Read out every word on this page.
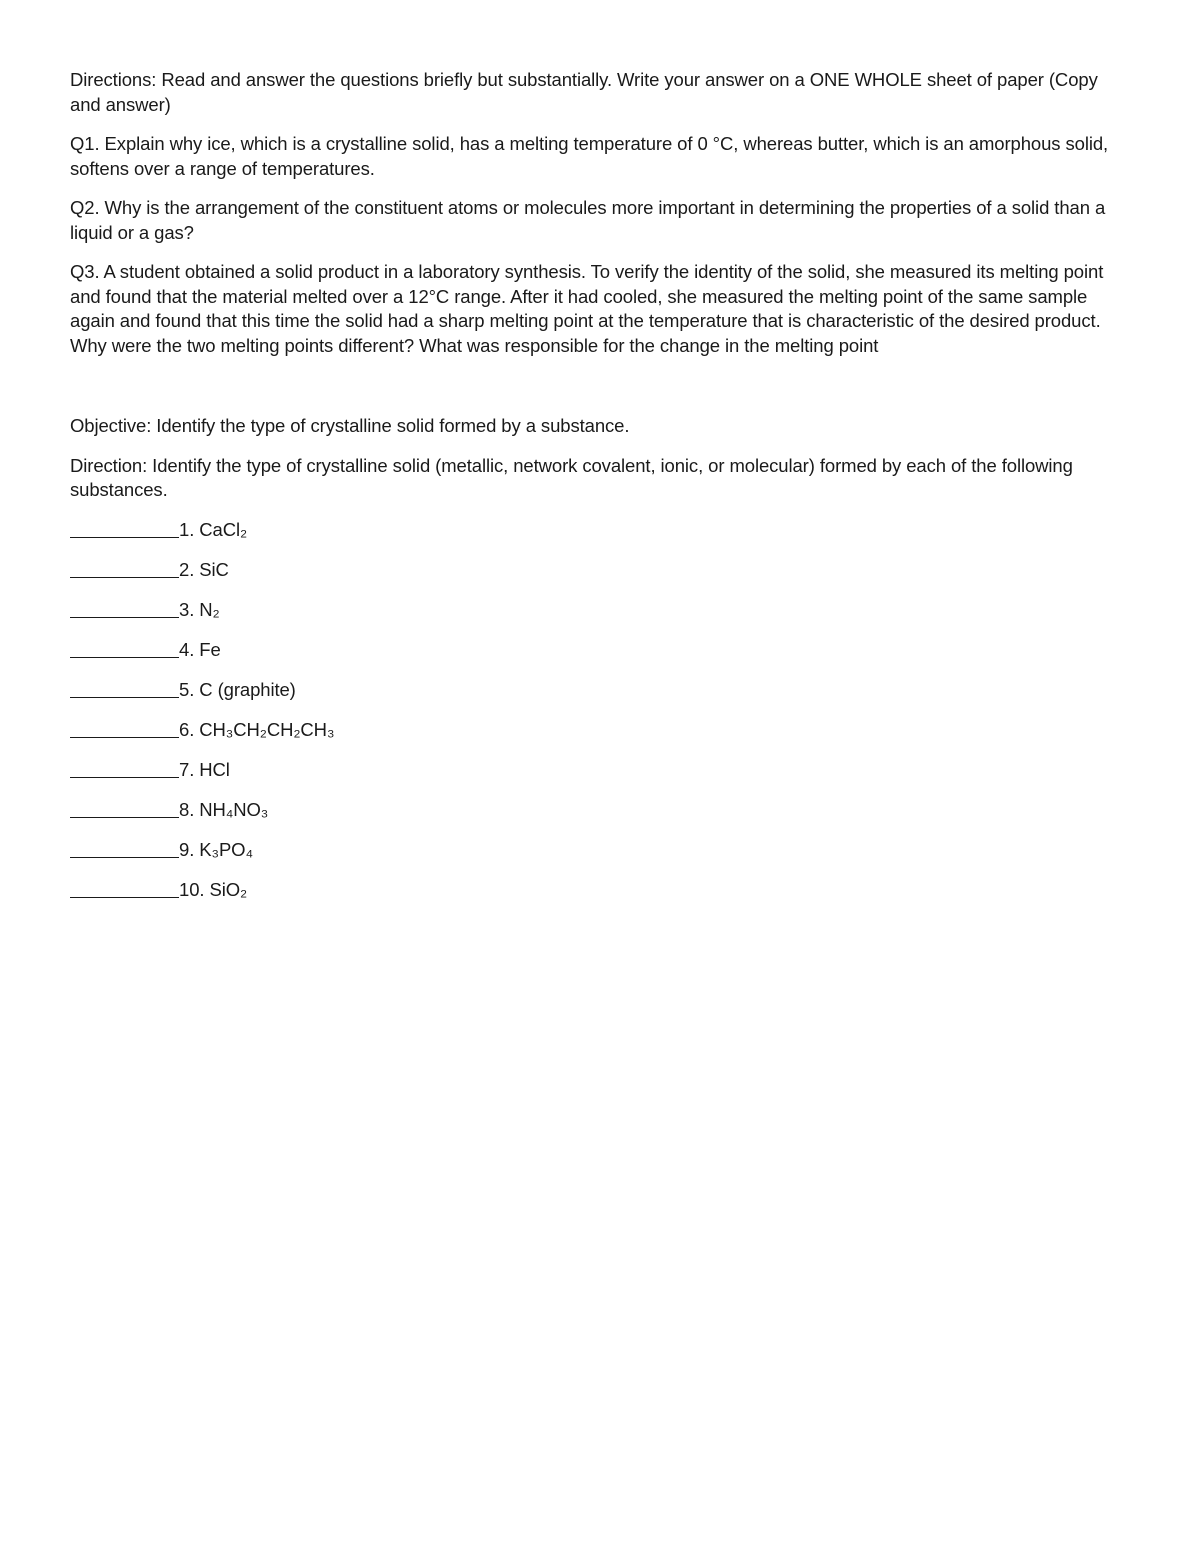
Directions: Read and answer the questions briefly but substantially. Write your answer on a ONE WHOLE sheet of paper (Copy and answer)

Q1. Explain why ice, which is a crystalline solid, has a melting temperature of 0 °C, whereas butter, which is an amorphous solid, softens over a range of temperatures.

Q2. Why is the arrangement of the constituent atoms or molecules more important in determining the properties of a solid than a liquid or a gas?

Q3. A student obtained a solid product in a laboratory synthesis. To verify the identity of the solid, she measured its melting point and found that the material melted over a 12°C range. After it had cooled, she measured the melting point of the same sample again and found that this time the solid had a sharp melting point at the temperature that is characteristic of the desired product. Why were the two melting points different? What was responsible for the change in the melting point

Objective: Identify the type of crystalline solid formed by a substance.

Direction: Identify the type of crystalline solid (metallic, network covalent, ionic, or molecular) formed by each of the following substances.

1. CaCl₂
2. SiC
3. N₂
4. Fe
5. C (graphite)
6. CH₃CH₂CH₂CH₃
7. HCl
8. NH₄NO₃
9. K₃PO₄
10. SiO₂
